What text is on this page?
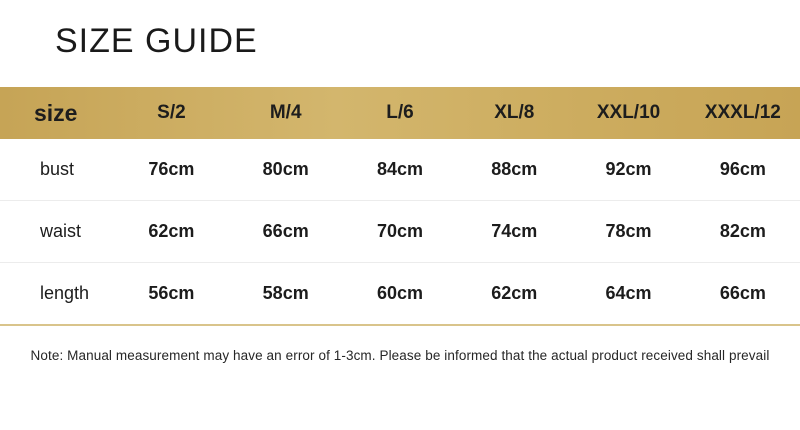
SIZE GUIDE
size	S/2	M/4	L/6	XL/8	XXL/10	XXXL/12
bust	76cm	80cm	84cm	88cm	92cm	96cm
waist	62cm	66cm	70cm	74cm	78cm	82cm
length	56cm	58cm	60cm	62cm	64cm	66cm
Note: Manual measurement may have an error of 1-3cm. Please be informed that the actual product received shall prevail
